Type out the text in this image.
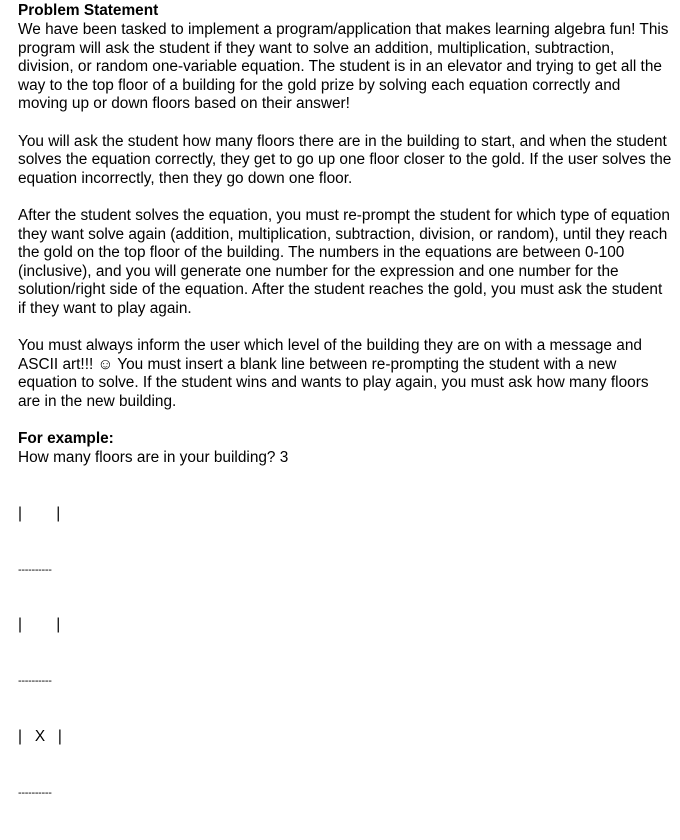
Problem Statement
We have been tasked to implement a program/application that makes learning algebra fun! This program will ask the student if they want to solve an addition, multiplication, subtraction, division, or random one-variable equation. The student is in an elevator and trying to get all the way to the top floor of a building for the gold prize by solving each equation correctly and moving up or down floors based on their answer!
You will ask the student how many floors there are in the building to start, and when the student solves the equation correctly, they get to go up one floor closer to the gold. If the user solves the equation incorrectly, then they go down one floor.
After the student solves the equation, you must re-prompt the student for which type of equation they want solve again (addition, multiplication, subtraction, division, or random), until they reach the gold on the top floor of the building. The numbers in the equations are between 0-100 (inclusive), and you will generate one number for the expression and one number for the solution/right side of the equation. After the student reaches the gold, you must ask the student if they want to play again.
You must always inform the user which level of the building they are on with a message and ASCII art!!! ☺ You must insert a blank line between re-prompting the student with a new equation to solve. If the student wins and wants to play again, you must ask how many floors are in the new building.
For example:
How many floors are in your building? 3

|        |

----------

|        |

----------

|   X   |

----------
